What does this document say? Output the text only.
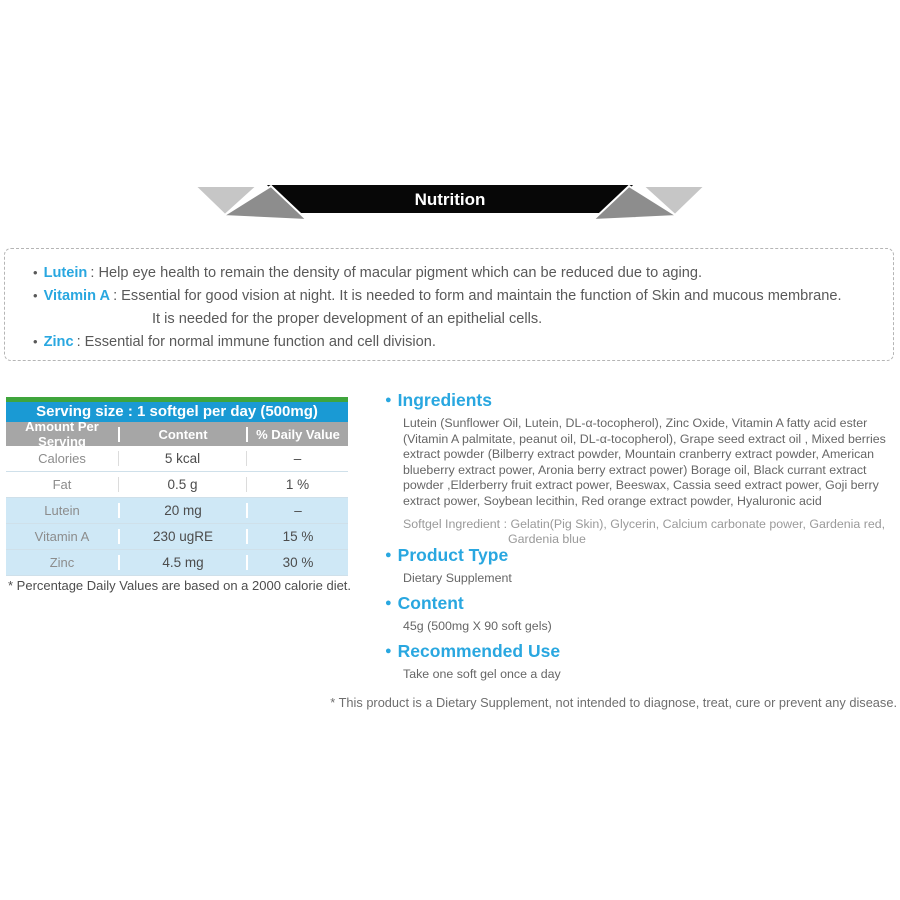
Nutrition
• Lutein : Help eye health to remain the density of macular pigment which can be reduced due to aging.
• Vitamin A : Essential for good vision at night. It is needed to form and maintain the function of Skin and mucous membrane.
It is needed for the proper development of an epithelial cells.
• Zinc : Essential for normal immune function and cell division.
Serving size : 1 softgel per day (500mg)
Amount Per Serving	Content	% Daily Value
Calories	5 kcal	–
Fat	0.5 g	1 %
Lutein	20 mg	–
Vitamin A	230 ugRE	15 %
Zinc	4.5 mg	30 %
* Percentage Daily Values are based on a 2000 calorie diet.
● Ingredients
Lutein (Sunflower Oil, Lutein, DL-α-tocopherol), Zinc Oxide, Vitamin A fatty acid ester (Vitamin A palmitate, peanut oil, DL-α-tocopherol), Grape seed extract oil , Mixed berries extract powder (Bilberry extract powder, Mountain cranberry extract powder, American blueberry extract power, Aronia berry extract power) Borage oil, Black currant extract powder ,Elderberry fruit extract power, Beeswax, Cassia seed extract power, Goji berry extract power, Soybean lecithin, Red orange extract powder, Hyaluronic acid
Softgel Ingredient : Gelatin(Pig Skin), Glycerin, Calcium carbonate power, Gardenia red,
Gardenia blue
● Product Type
Dietary Supplement
● Content
45g (500mg X 90 soft gels)
● Recommended Use
Take one soft gel once a day
* This product is a Dietary Supplement, not intended to diagnose, treat, cure or prevent any disease.
